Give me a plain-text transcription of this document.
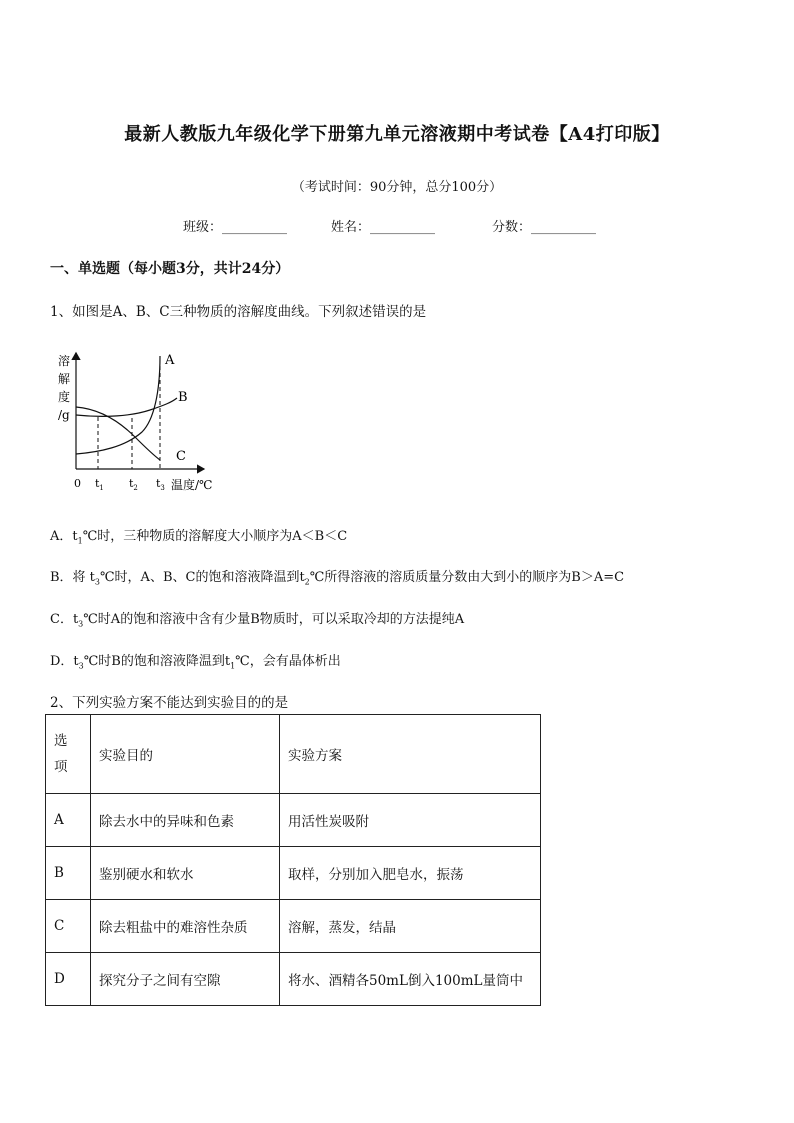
最新人教版九年级化学下册第九单元溶液期中考试卷【A4打印版】
（考试时间：90分钟，总分100分）
班级：__________	姓名：__________	分数：__________
一、单选题（每小题3分，共计24分）
1、如图是A、B、C三种物质的溶解度曲线。下列叙述错误的是
溶
解
度
/g
0 $t_1$ $t_2$ $t_3$ 温度/℃
A
B
C
A．$t_1℃$时，三种物质的溶解度大小顺序为A＜B＜C
B．将 $t_3℃$时，A、B、C的饱和溶液降温到$t_2℃$所得溶液的溶质质量分数由大到小的顺序为B＞A=C
C．$t_3℃$时A的饱和溶液中含有少量B物质时，可以采取冷却的方法提纯A
D．$t_3℃$时B的饱和溶液降温到$t_1℃$，会有晶体析出
2、下列实验方案不能达到实验目的的是
选
项	实验目的	实验方案
A	除去水中的异味和色素	用活性炭吸附
B	鉴别硬水和软水	取样，分别加入肥皂水，振荡
C	除去粗盐中的难溶性杂质	溶解，蒸发，结晶
D	探究分子之间有空隙	将水、酒精各50mL倒入100mL量筒中
